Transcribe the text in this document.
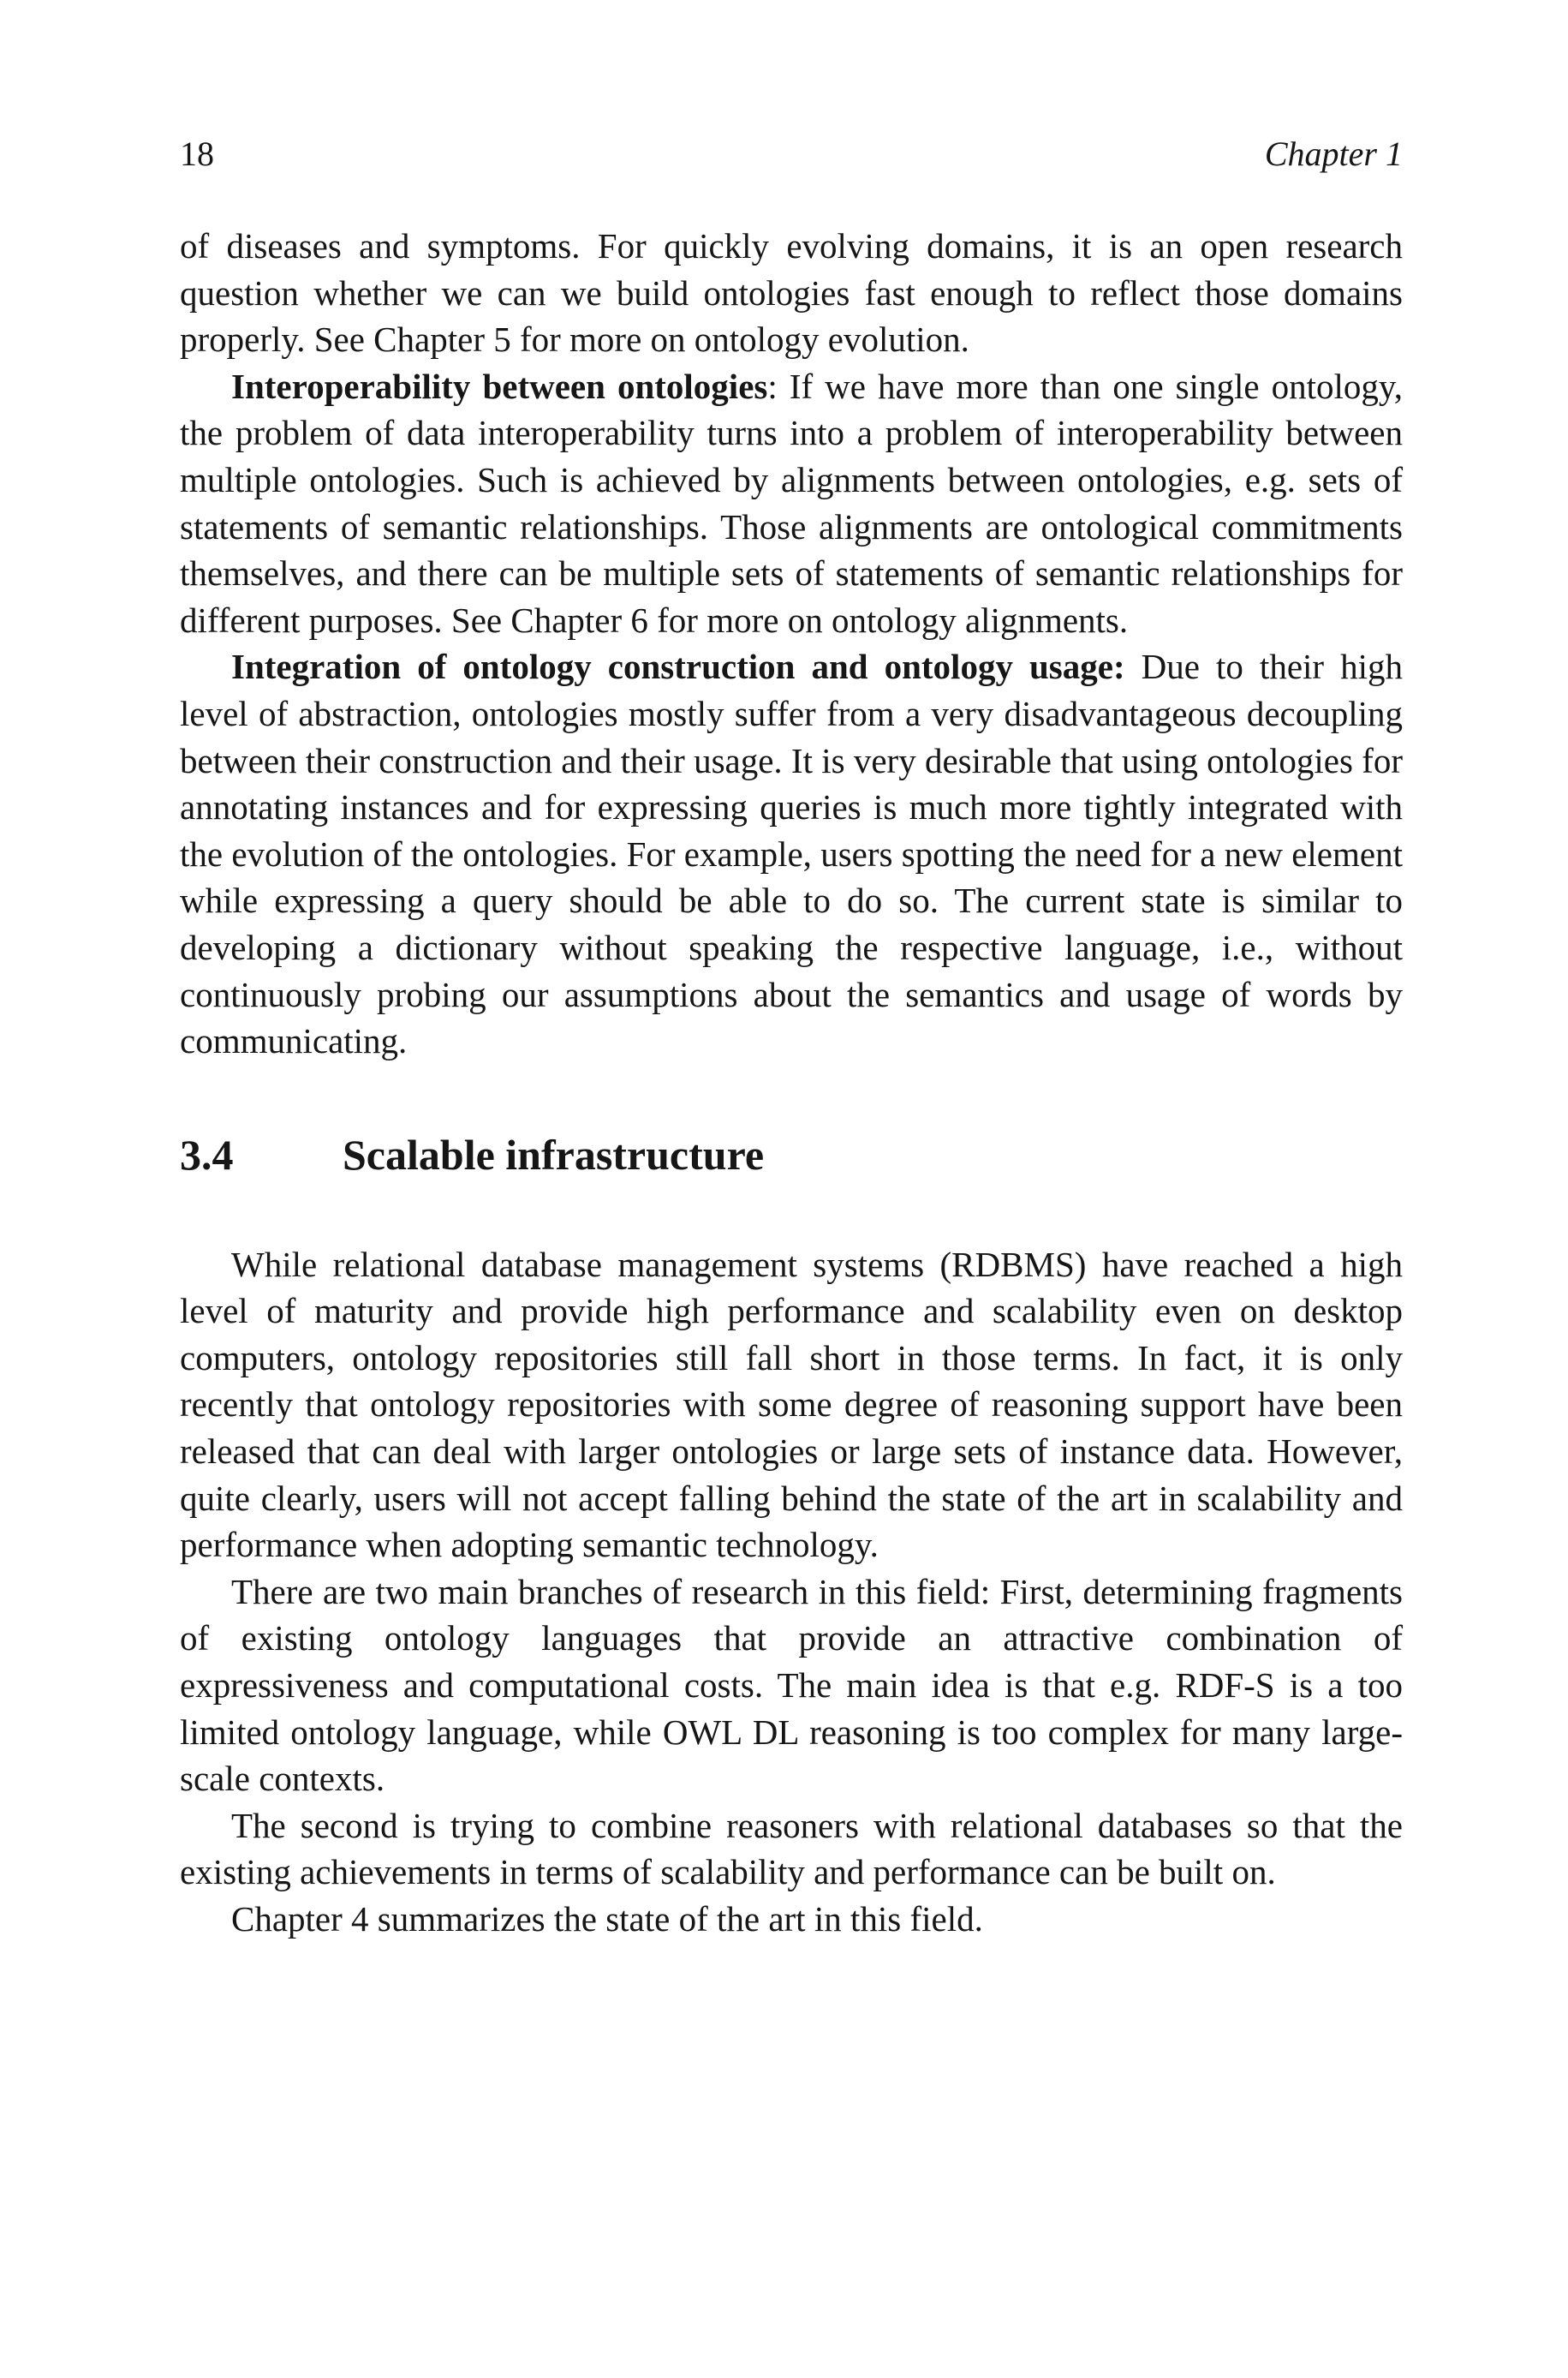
18	Chapter 1

of diseases and symptoms. For quickly evolving domains, it is an open research question whether we can we build ontologies fast enough to reflect those domains properly. See Chapter 5 for more on ontology evolution.

Interoperability between ontologies: If we have more than one single ontology, the problem of data interoperability turns into a problem of interoperability between multiple ontologies. Such is achieved by alignments between ontologies, e.g. sets of statements of semantic relationships. Those alignments are ontological commitments themselves, and there can be multiple sets of statements of semantic relationships for different purposes. See Chapter 6 for more on ontology alignments.

Integration of ontology construction and ontology usage: Due to their high level of abstraction, ontologies mostly suffer from a very disadvantageous decoupling between their construction and their usage. It is very desirable that using ontologies for annotating instances and for expressing queries is much more tightly integrated with the evolution of the ontologies. For example, users spotting the need for a new element while expressing a query should be able to do so. The current state is similar to developing a dictionary without speaking the respective language, i.e., without continuously probing our assumptions about the semantics and usage of words by communicating.

3.4	Scalable infrastructure

While relational database management systems (RDBMS) have reached a high level of maturity and provide high performance and scalability even on desktop computers, ontology repositories still fall short in those terms. In fact, it is only recently that ontology repositories with some degree of reasoning support have been released that can deal with larger ontologies or large sets of instance data. However, quite clearly, users will not accept falling behind the state of the art in scalability and performance when adopting semantic technology.

There are two main branches of research in this field: First, determining fragments of existing ontology languages that provide an attractive combination of expressiveness and computational costs. The main idea is that e.g. RDF-S is a too limited ontology language, while OWL DL reasoning is too complex for many large-scale contexts.

The second is trying to combine reasoners with relational databases so that the existing achievements in terms of scalability and performance can be built on.

Chapter 4 summarizes the state of the art in this field.
